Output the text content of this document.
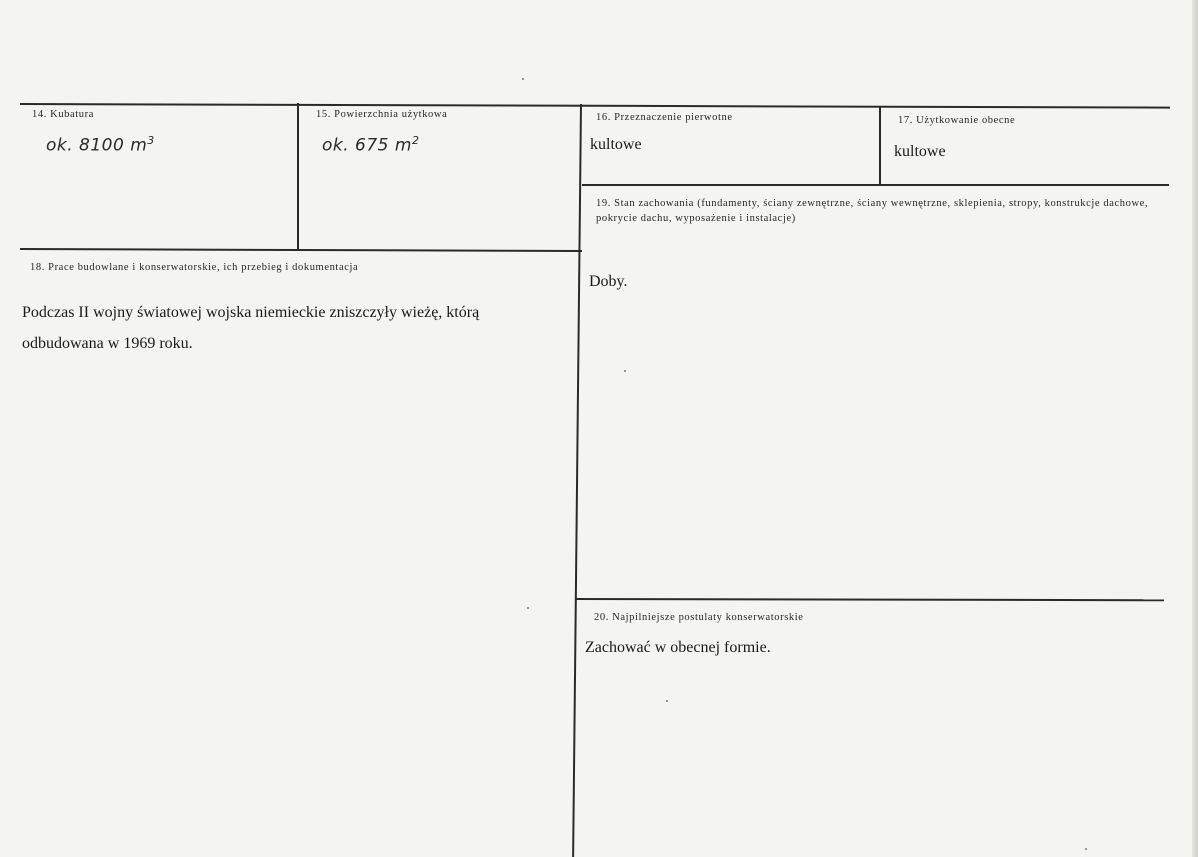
14. Kubatura
ok. 8100 $m^3$
15. Powierzchnia użytkowa
ok. 675 $m^2$
16. Przeznaczenie pierwotne
kultowe
17. Użytkowanie obecne
kultowe
18. Prace budowlane i konserwatorskie, ich przebieg i dokumentacja
Podczas II wojny światowej wojska niemieckie zniszczyły wieżę, którą odbudowana w 1969 roku.
19. Stan zachowania (fundamenty, ściany zewnętrzne, ściany wewnętrzne, sklepienia, stropy, konstrukcje dachowe, pokrycie dachu, wyposażenie i instalacje)
Doby.
20. Najpilniejsze postulaty konserwatorskie
Zachować w obecnej formie.
